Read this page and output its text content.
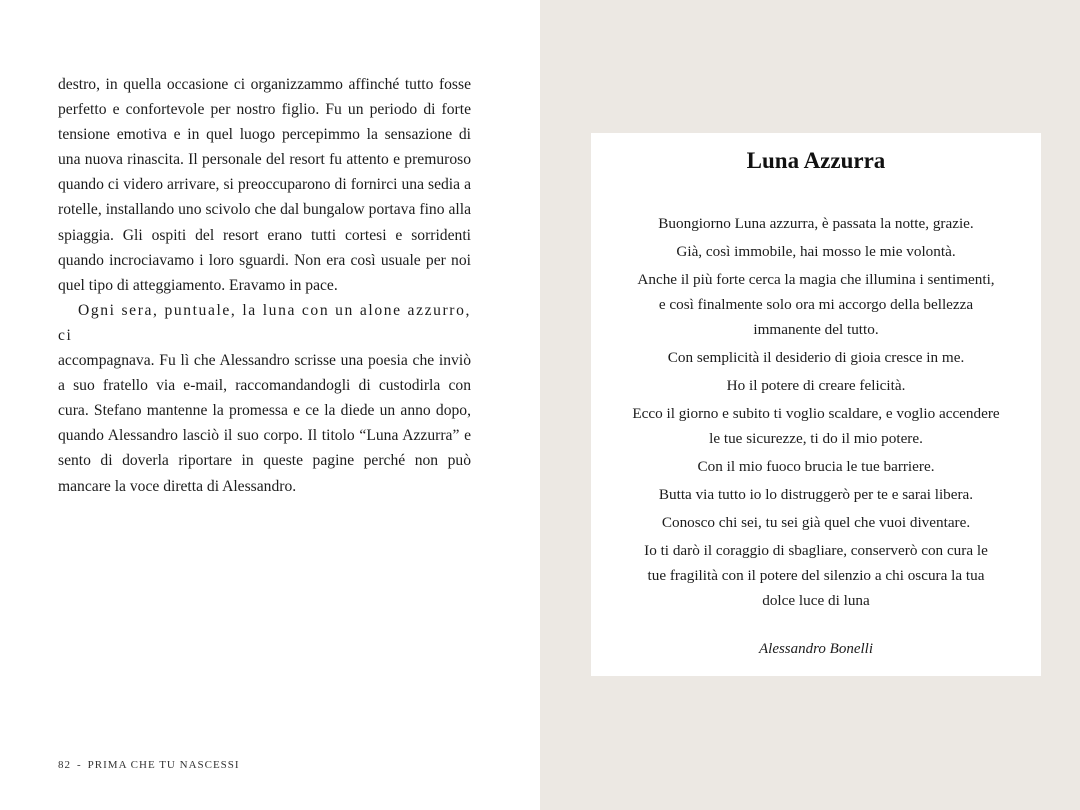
destro, in quella occasione ci organizzammo affinché tutto fosse perfetto e confortevole per nostro figlio. Fu un periodo di forte tensione emotiva e in quel luogo percepimmo la sensazione di una nuova rinascita. Il personale del resort fu attento e premuroso quando ci videro arrivare, si preoccuparono di fornirci una sedia a rotelle, installando uno scivolo che dal bungalow portava fino alla spiaggia. Gli ospiti del resort erano tutti cortesi e sorridenti quando incrociavamo i loro sguardi. Non era così usuale per noi quel tipo di atteggiamento. Eravamo in pace.

Ogni sera, puntuale, la luna con un alone azzurro, ci

accompagnava. Fu lì che Alessandro scrisse una poesia che inviò a suo fratello via e-mail, raccomandandogli di custodirla con cura. Stefano mantenne la promessa e ce la diede un anno dopo, quando Alessandro lasciò il suo corpo. Il titolo “Luna Azzurra” e sento di doverla riportare in queste pagine perché non può mancare la voce diretta di Alessandro.

82 - PRIMA CHE TU NASCESSI
Luna Azzurra
Buongiorno Luna azzurra, è passata la notte, grazie.
Già, così immobile, hai mosso le mie volontà.
Anche il più forte cerca la magia che illumina i sentimenti,
e così finalmente solo ora mi accorgo della bellezza
immanente del tutto.
Con semplicità il desiderio di gioia cresce in me.
Ho il potere di creare felicità.
Ecco il giorno e subito ti voglio scaldare, e voglio accendere
le tue sicurezze, ti do il mio potere.
Con il mio fuoco brucia le tue barriere.
Butta via tutto io lo distruggerò per te e sarai libera.
Conosco chi sei, tu sei già quel che vuoi diventare.
Io ti darò il coraggio di sbagliare, conserverò con cura le
tue fragilità con il potere del silenzio a chi oscura la tua
dolce luce di luna
Alessandro Bonelli
